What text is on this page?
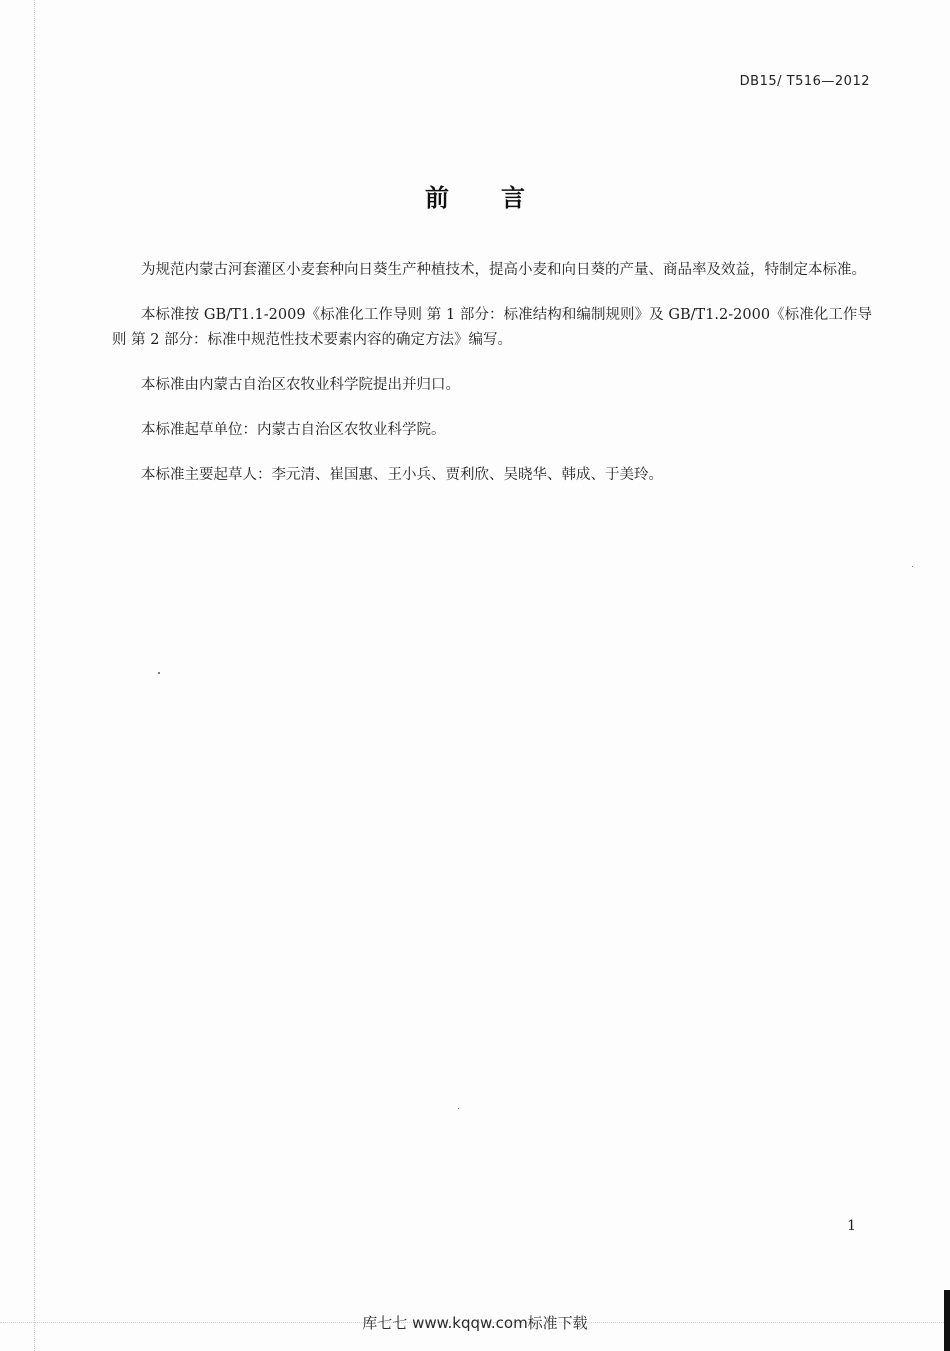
DB15/ T516—2012
前言

为规范内蒙古河套灌区小麦套种向日葵生产种植技术，提高小麦和向日葵的产量、商品率及效益，特制定本标准。

本标准按 GB/T1.1-2009《标准化工作导则 第 1 部分：标准结构和编制规则》及 GB/T1.2-2000《标准化工作导则 第 2 部分：标准中规范性技术要素内容的确定方法》编写。

本标准由内蒙古自治区农牧业科学院提出并归口。

本标准起草单位：内蒙古自治区农牧业科学院。

本标准主要起草人：李元清、崔国惠、王小兵、贾利欣、吴晓华、韩成、于美玲。

1
库七七 www.kqqw.com标准下载
